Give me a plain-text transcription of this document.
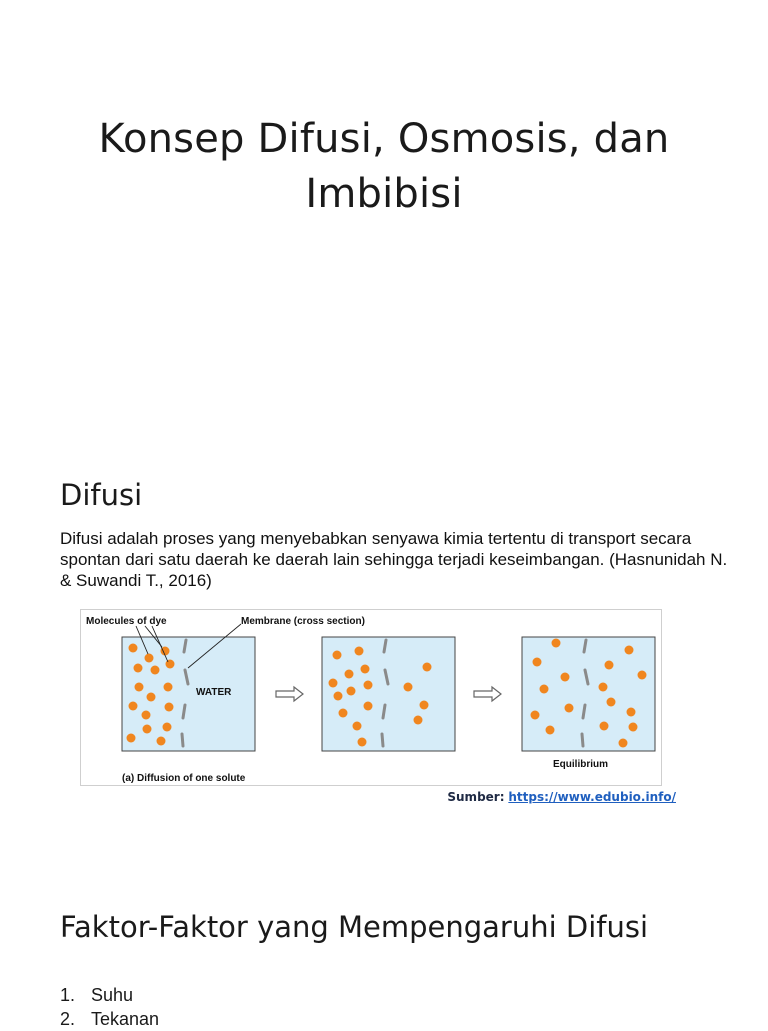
Konsep Difusi, Osmosis, dan Imbibisi
Difusi

Difusi adalah proses yang menyebabkan senyawa kimia tertentu di transport secara spontan dari satu daerah ke daerah lain sehingga terjadi keseimbangan. (Hasnunidah N. & Suwandi T., 2016)

Molecules of dye	Membrane (cross section)
WATER
(a) Diffusion of one solute
Equilibrium
Sumber: https://www.edubio.info/
Faktor-Faktor yang Mempengaruhi Difusi
1. Suhu
2. Tekanan
